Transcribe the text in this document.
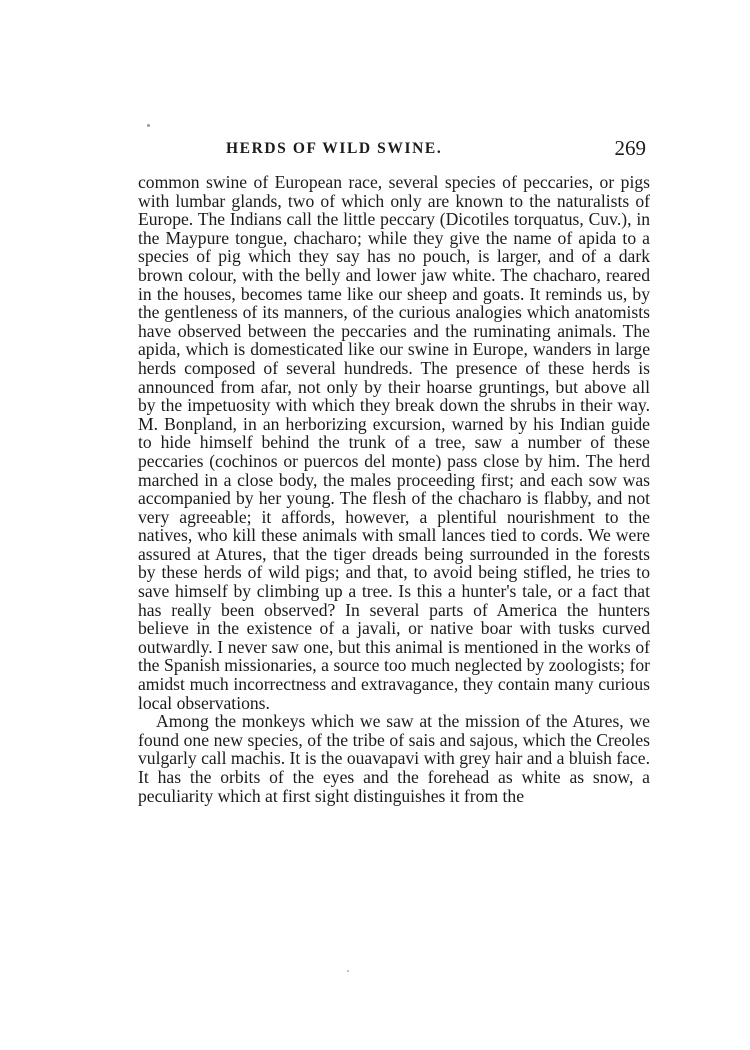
HERDS OF WILD SWINE.	269

common swine of European race, several species of peccaries, or pigs with lumbar glands, two of which only are known to the naturalists of Europe. The Indians call the little peccary (Dicotiles torquatus, Cuv.), in the Maypure tongue, chacharo; while they give the name of apida to a species of pig which they say has no pouch, is larger, and of a dark brown colour, with the belly and lower jaw white. The chacharo, reared in the houses, becomes tame like our sheep and goats. It reminds us, by the gentleness of its manners, of the curious analogies which anatomists have observed between the peccaries and the ruminating animals. The apida, which is domesticated like our swine in Europe, wanders in large herds composed of several hundreds. The presence of these herds is announced from afar, not only by their hoarse gruntings, but above all by the impetuosity with which they break down the shrubs in their way. M. Bonpland, in an herborizing excursion, warned by his Indian guide to hide himself behind the trunk of a tree, saw a number of these peccaries (cochinos or puercos del monte) pass close by him. The herd marched in a close body, the males proceeding first; and each sow was accompanied by her young. The flesh of the chacharo is flabby, and not very agreeable; it affords, however, a plentiful nourishment to the natives, who kill these animals with small lances tied to cords. We were assured at Atures, that the tiger dreads being surrounded in the forests by these herds of wild pigs; and that, to avoid being stifled, he tries to save himself by climbing up a tree. Is this a hunter's tale, or a fact that has really been observed? In several parts of America the hunters believe in the existence of a javali, or native boar with tusks curved outwardly. I never saw one, but this animal is mentioned in the works of the Spanish missionaries, a source too much neglected by zoologists; for amidst much incorrectness and extravagance, they contain many curious local observations.

Among the monkeys which we saw at the mission of the Atures, we found one new species, of the tribe of sais and sajous, which the Creoles vulgarly call machis. It is the ouavapavi with grey hair and a bluish face. It has the orbits of the eyes and the forehead as white as snow, a peculiarity which at first sight distinguishes it from the
